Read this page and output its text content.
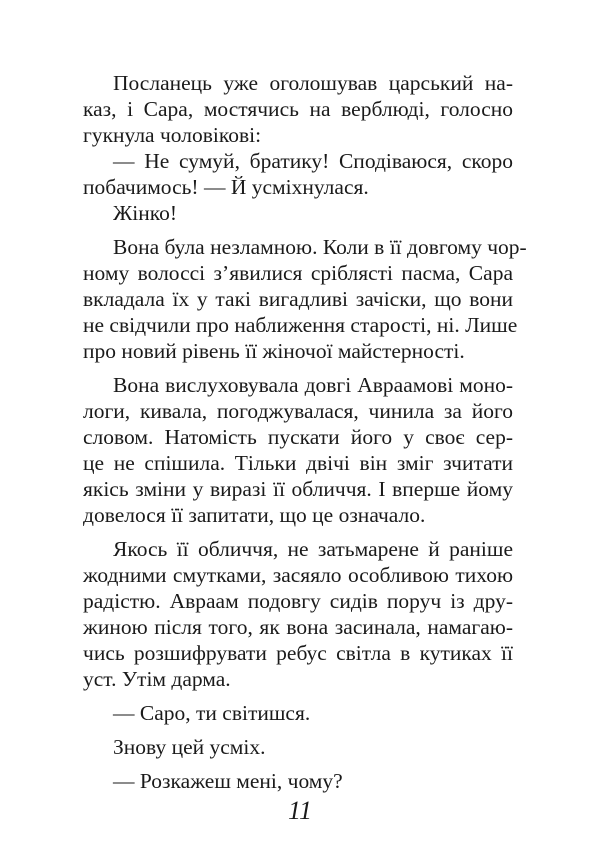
Посланець уже оголошував царський на-
каз, і Сара, мостячись на верблюді, голосно
гукнула чоловікові:
— Не сумуй, братику! Сподіваюся, скоро
побачимось! — Й усміхнулася.
Жінко!
Вона була незламною. Коли в її довгому чор-
ному волоссі з’явилися сріблясті пасма, Сара
вкладала їх у такі вигадливі зачіски, що вони
не свідчили про наближення старості, ні. Лише
про новий рівень її жіночої майстерності.
Вона вислуховувала довгі Авраамові моно-
логи, кивала, погоджувалася, чинила за його
словом. Натомість пускати його у своє сер-
це не спішила. Тільки двічі він зміг зчитати
якісь зміни у виразі її обличчя. І вперше йому
довелося її запитати, що це означало.
Якось її обличчя, не затьмарене й раніше
жодними смутками, засяяло особливою тихою
радістю. Авраам подовгу сидів поруч із дру-
жиною після того, як вона засинала, намагаю-
чись розшифрувати ребус світла в кутиках її
уст. Утім дарма.
— Саро, ти світишся.
Знову цей усміх.
— Розкажеш мені, чому?
11
